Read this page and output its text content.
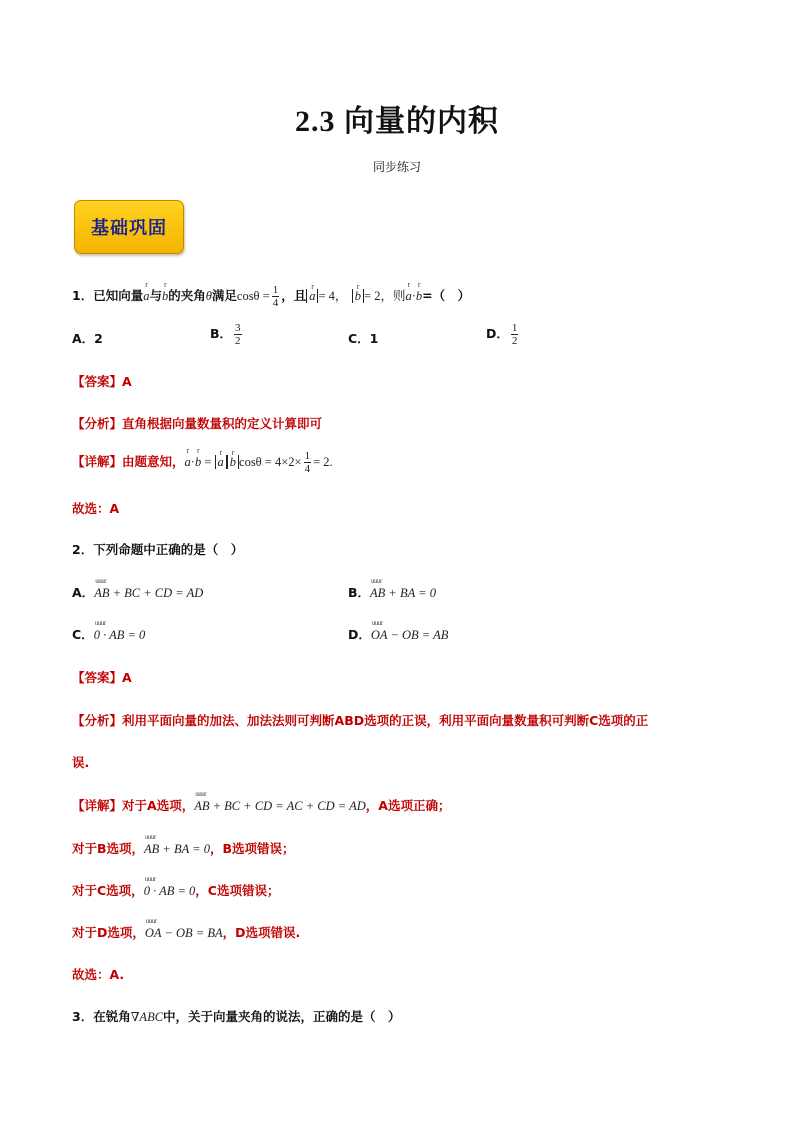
2.3 向量的内积
同步练习
基础巩固
1．已知向量r a与r b的夹角θ满足$\cos\theta = \frac{1}{4}$ ，且 r a = 4， r b = 2，则r a·r b=（　）
A．2	B． $\frac{3}{2}$	C．1	D． $\frac{1}{2}$
【答案】A
【分析】直角根据向量数量积的定义计算即可
【详解】由题意知，r a·r b = r a r b $\cos\theta = 4\times 2\times \frac{1}{4} = 2$.
故选：A
2．下列命题中正确的是（　）
A．uuur AB + BC + CD = AD	B．uuur AB + BA = 0
C．uuur 0 · AB = 0	D．uuur OA − OB = AB
【答案】A
【分析】利用平面向量的加法、加法法则可判断ABD选项的正误，利用平面向量数量积可判断C选项的正
误.
【详解】对于A选项，uuur AB + BC + CD = AC + CD = AD，A选项正确；
对于B选项，uuur AB + BA = 0，B选项错误；
对于C选项，uuur 0 · AB = 0，C选项错误；
对于D选项，uuur OA − OB = BA，D选项错误.
故选：A.
3．在锐角∇ABC中，关于向量夹角的说法，正确的是（　）
